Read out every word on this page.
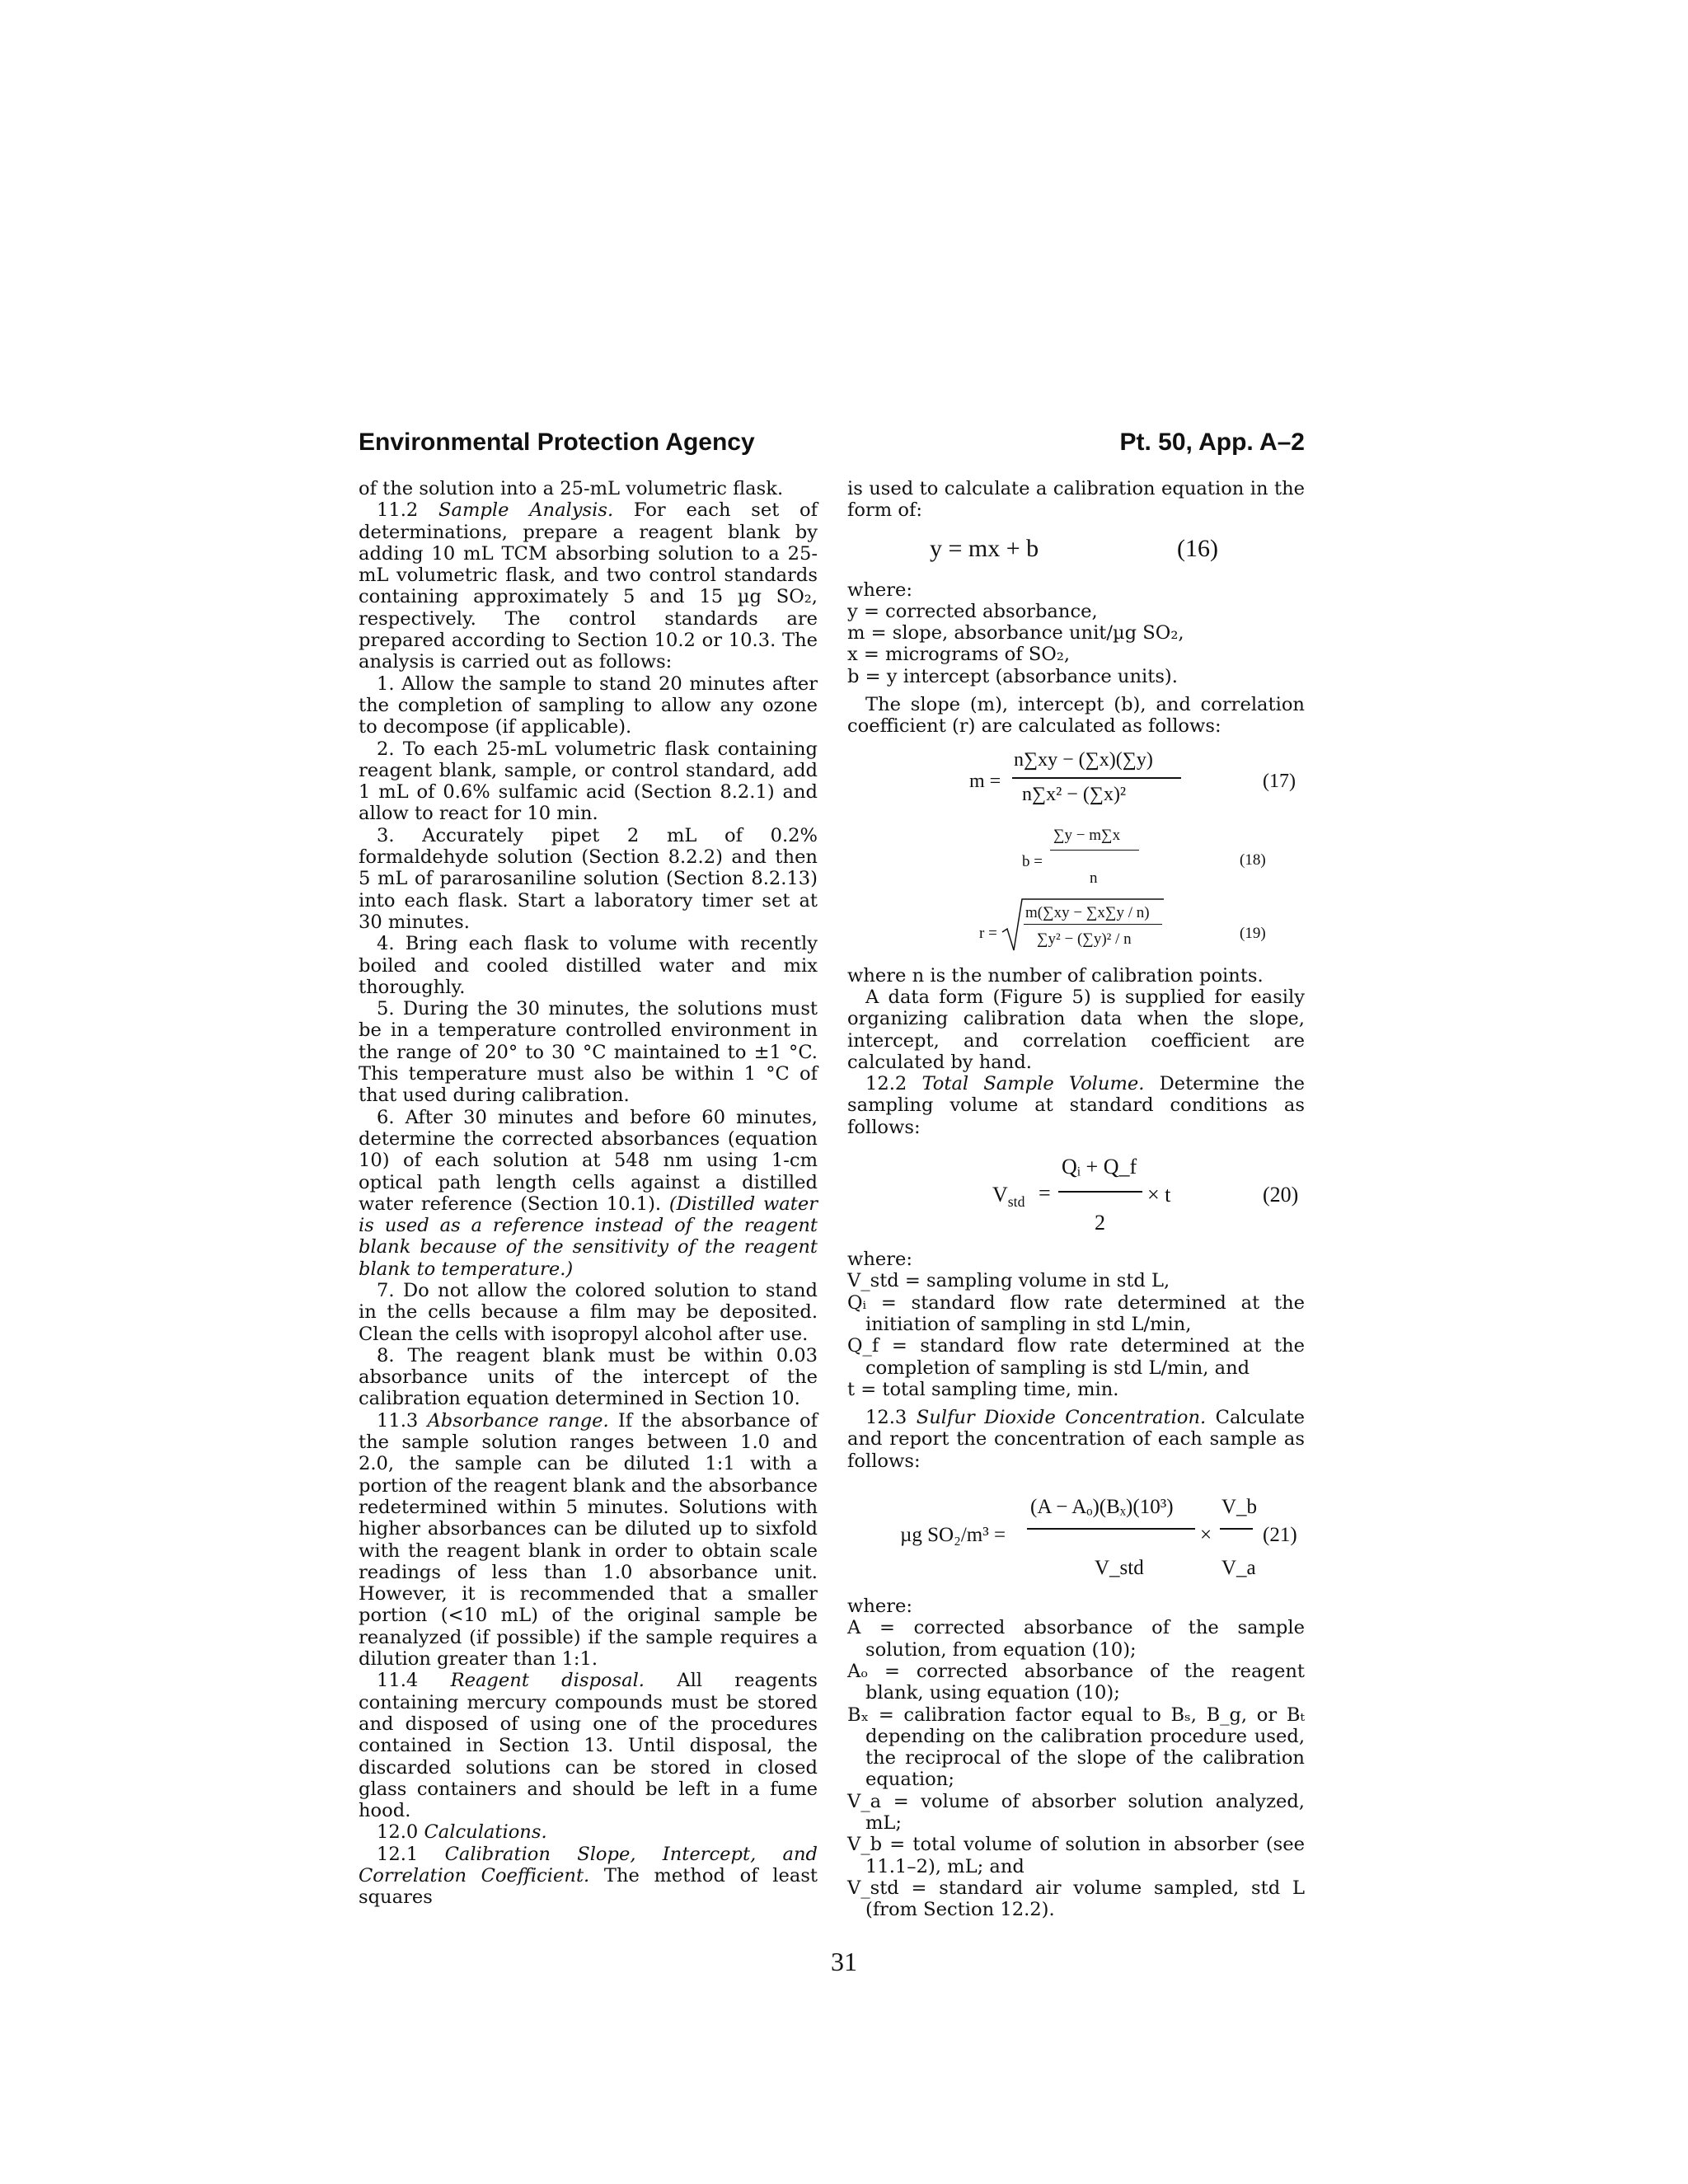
Environmental Protection Agency	Pt. 50, App. A–2

of the solution into a 25-mL volumetric flask.

11.2 Sample Analysis. For each set of determinations, prepare a reagent blank by adding 10 mL TCM absorbing solution to a 25-mL volumetric flask, and two control standards containing approximately 5 and 15 µg SO₂, respectively. The control standards are prepared according to Section 10.2 or 10.3. The analysis is carried out as follows:

1. Allow the sample to stand 20 minutes after the completion of sampling to allow any ozone to decompose (if applicable).

2. To each 25-mL volumetric flask containing reagent blank, sample, or control standard, add 1 mL of 0.6% sulfamic acid (Section 8.2.1) and allow to react for 10 min.

3. Accurately pipet 2 mL of 0.2% formaldehyde solution (Section 8.2.2) and then 5 mL of pararosaniline solution (Section 8.2.13) into each flask. Start a laboratory timer set at 30 minutes.

4. Bring each flask to volume with recently boiled and cooled distilled water and mix thoroughly.

5. During the 30 minutes, the solutions must be in a temperature controlled environment in the range of 20° to 30 °C maintained to ±1 °C. This temperature must also be within 1 °C of that used during calibration.

6. After 30 minutes and before 60 minutes, determine the corrected absorbances (equation 10) of each solution at 548 nm using 1-cm optical path length cells against a distilled water reference (Section 10.1). (Distilled water is used as a reference instead of the reagent blank because of the sensitivity of the reagent blank to temperature.)

7. Do not allow the colored solution to stand in the cells because a film may be deposited. Clean the cells with isopropyl alcohol after use.

8. The reagent blank must be within 0.03 absorbance units of the intercept of the calibration equation determined in Section 10.

11.3 Absorbance range. If the absorbance of the sample solution ranges between 1.0 and 2.0, the sample can be diluted 1:1 with a portion of the reagent blank and the absorbance redetermined within 5 minutes. Solutions with higher absorbances can be diluted up to sixfold with the reagent blank in order to obtain scale readings of less than 1.0 absorbance unit. However, it is recommended that a smaller portion (<10 mL) of the original sample be reanalyzed (if possible) if the sample requires a dilution greater than 1:1.

11.4 Reagent disposal. All reagents containing mercury compounds must be stored and disposed of using one of the procedures contained in Section 13. Until disposal, the discarded solutions can be stored in closed glass containers and should be left in a fume hood.

12.0 Calculations.

12.1 Calibration Slope, Intercept, and Correlation Coefficient. The method of least squares

is used to calculate a calibration equation in the form of:

y = mx + b	(16)

where:

y = corrected absorbance,

m = slope, absorbance unit/µg SO₂,

x = micrograms of SO₂,

b = y intercept (absorbance units).

The slope (m), intercept (b), and correlation coefficient (r) are calculated as follows:

m =
n∑xy − (∑x)(∑y)
n∑x² − (∑x)²
(17)
b =
∑y − m∑x
n
(18)
r =
m(∑xy − ∑x∑y / n)
∑y² − (∑y)² / n	(19)

where n is the number of calibration points.

A data form (Figure 5) is supplied for easily organizing calibration data when the slope, intercept, and correlation coefficient are calculated by hand.

12.2 Total Sample Volume. Determine the sampling volume at standard conditions as follows:

$V_{std}$ =
Qᵢ + Q_f
2
× t	(20)

where:

V_std = sampling volume in std L,

Qᵢ = standard flow rate determined at the initiation of sampling in std L/min,

Q_f = standard flow rate determined at the completion of sampling is std L/min, and

t = total sampling time, min.

12.3 Sulfur Dioxide Concentration. Calculate and report the concentration of each sample as follows:

µg SO₂/m³ =
(A − Aₒ)(Bₓ)(10³)
V_std
×
V_b
V_a
(21)

where:

A = corrected absorbance of the sample solution, from equation (10);

Aₒ = corrected absorbance of the reagent blank, using equation (10);

Bₓ = calibration factor equal to Bₛ, B_g, or Bₜ depending on the calibration procedure used, the reciprocal of the slope of the calibration equation;

V_a = volume of absorber solution analyzed, mL;

V_b = total volume of solution in absorber (see 11.1–2), mL; and

V_std = standard air volume sampled, std L (from Section 12.2).

31
